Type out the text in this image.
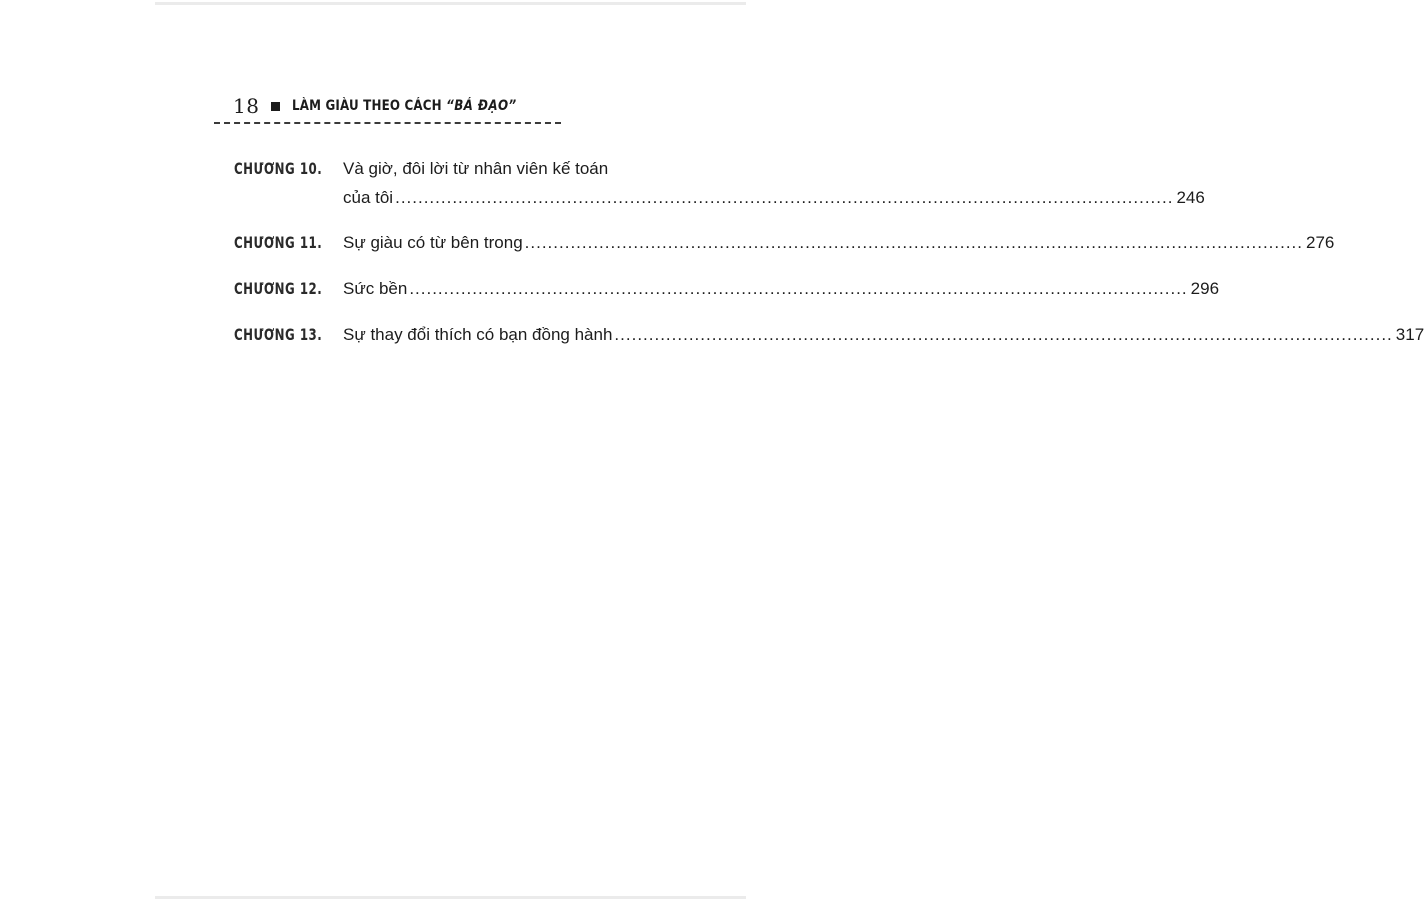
18 LÀM GIÀU THEO CÁCH “BÁ ĐẠO”
CHƯƠNG 10. Và giờ, đôi lời từ nhân viên kế toán
của tôi .....	246
CHƯƠNG 11. Sự giàu có từ bên trong .....	276
CHƯƠNG 12. Sức bền .....	296
CHƯƠNG 13. Sự thay đổi thích có bạn đồng hành .....	317
